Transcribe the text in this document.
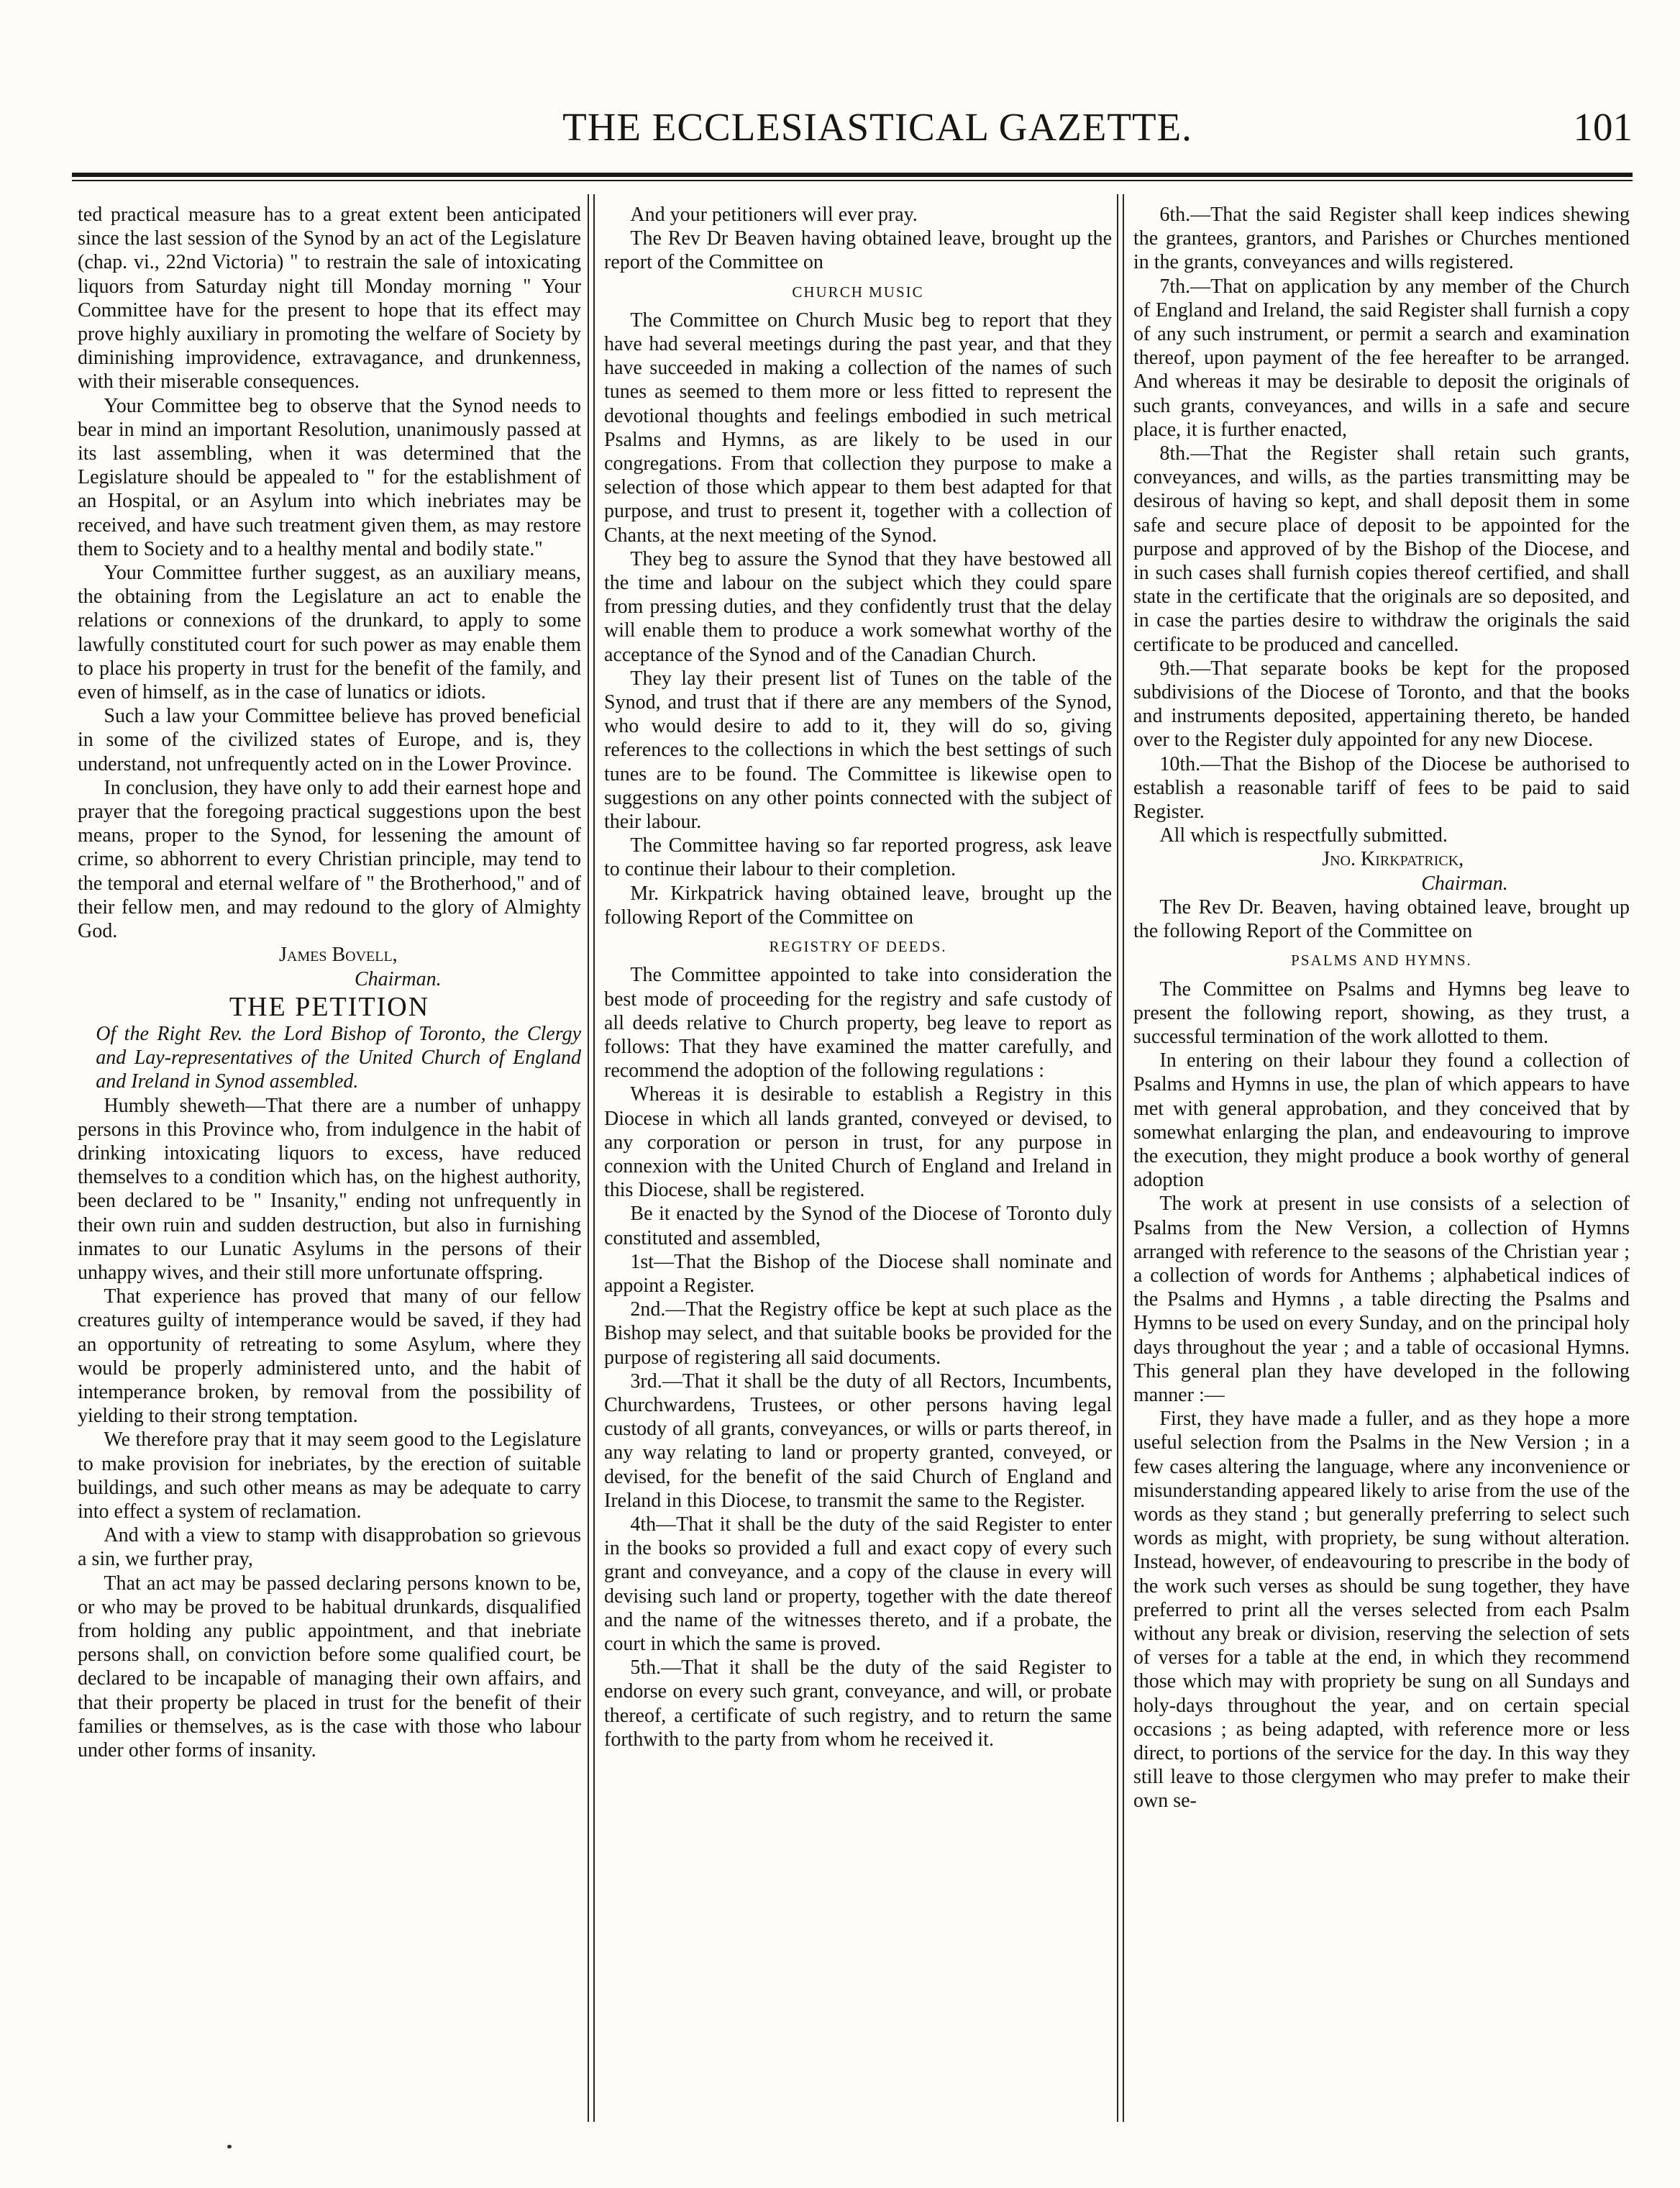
THE ECCLESIASTICAL GAZETTE.	101

ted practical measure has to a great extent been anticipated since the last session of the Synod by an act of the Legislature (chap. vi., 22nd Victoria) " to restrain the sale of intoxicating liquors from Saturday night till Monday morning " Your Committee have for the present to hope that its effect may prove highly auxiliary in promoting the welfare of Society by diminishing improvidence, extravagance, and drunkenness, with their miserable consequences.

Your Committee beg to observe that the Synod needs to bear in mind an important Resolution, unanimously passed at its last assembling, when it was determined that the Legislature should be appealed to " for the establishment of an Hospital, or an Asylum into which inebriates may be received, and have such treatment given them, as may restore them to Society and to a healthy mental and bodily state."

Your Committee further suggest, as an auxiliary means, the obtaining from the Legislature an act to enable the relations or connexions of the drunkard, to apply to some lawfully constituted court for such power as may enable them to place his property in trust for the benefit of the family, and even of himself, as in the case of lunatics or idiots.

Such a law your Committee believe has proved beneficial in some of the civilized states of Europe, and is, they understand, not unfrequently acted on in the Lower Province.

In conclusion, they have only to add their earnest hope and prayer that the foregoing practical suggestions upon the best means, proper to the Synod, for lessening the amount of crime, so abhorrent to every Christian principle, may tend to the temporal and eternal welfare of " the Brotherhood," and of their fellow men, and may redound to the glory of Almighty God.

James Bovell,

Chairman.

THE PETITION

Of the Right Rev. the Lord Bishop of Toronto, the Clergy and Lay-representatives of the United Church of England and Ireland in Synod assembled.

Humbly sheweth—That there are a number of unhappy persons in this Province who, from indulgence in the habit of drinking intoxicating liquors to excess, have reduced themselves to a condition which has, on the highest authority, been declared to be " Insanity," ending not unfrequently in their own ruin and sudden destruction, but also in furnishing inmates to our Lunatic Asylums in the persons of their unhappy wives, and their still more unfortunate offspring.

That experience has proved that many of our fellow creatures guilty of intemperance would be saved, if they had an opportunity of retreating to some Asylum, where they would be properly administered unto, and the habit of intemperance broken, by removal from the possibility of yielding to their strong temptation.

We therefore pray that it may seem good to the Legislature to make provision for inebriates, by the erection of suitable buildings, and such other means as may be adequate to carry into effect a system of reclamation.

And with a view to stamp with disapprobation so grievous a sin, we further pray,

That an act may be passed declaring persons known to be, or who may be proved to be habitual drunkards, disqualified from holding any public appointment, and that inebriate persons shall, on conviction before some qualified court, be declared to be incapable of managing their own affairs, and that their property be placed in trust for the benefit of their families or themselves, as is the case with those who labour under other forms of insanity.

And your petitioners will ever pray.

The Rev Dr Beaven having obtained leave, brought up the report of the Committee on

CHURCH MUSIC

The Committee on Church Music beg to report that they have had several meetings during the past year, and that they have succeeded in making a collection of the names of such tunes as seemed to them more or less fitted to represent the devotional thoughts and feelings embodied in such metrical Psalms and Hymns, as are likely to be used in our congregations. From that collection they purpose to make a selection of those which appear to them best adapted for that purpose, and trust to present it, together with a collection of Chants, at the next meeting of the Synod.

They beg to assure the Synod that they have bestowed all the time and labour on the subject which they could spare from pressing duties, and they confidently trust that the delay will enable them to produce a work somewhat worthy of the acceptance of the Synod and of the Canadian Church.

They lay their present list of Tunes on the table of the Synod, and trust that if there are any members of the Synod, who would desire to add to it, they will do so, giving references to the collections in which the best settings of such tunes are to be found. The Committee is likewise open to suggestions on any other points connected with the subject of their labour.

The Committee having so far reported progress, ask leave to continue their labour to their completion.

Mr. Kirkpatrick having obtained leave, brought up the following Report of the Committee on

REGISTRY OF DEEDS.

The Committee appointed to take into consideration the best mode of proceeding for the registry and safe custody of all deeds relative to Church property, beg leave to report as follows: That they have examined the matter carefully, and recommend the adoption of the following regulations :

Whereas it is desirable to establish a Registry in this Diocese in which all lands granted, conveyed or devised, to any corporation or person in trust, for any purpose in connexion with the United Church of England and Ireland in this Diocese, shall be registered.

Be it enacted by the Synod of the Diocese of Toronto duly constituted and assembled,

1st—That the Bishop of the Diocese shall nominate and appoint a Register.

2nd.—That the Registry office be kept at such place as the Bishop may select, and that suitable books be provided for the purpose of registering all said documents.

3rd.—That it shall be the duty of all Rectors, Incumbents, Churchwardens, Trustees, or other persons having legal custody of all grants, conveyances, or wills or parts thereof, in any way relating to land or property granted, conveyed, or devised, for the benefit of the said Church of England and Ireland in this Diocese, to transmit the same to the Register.

4th—That it shall be the duty of the said Register to enter in the books so provided a full and exact copy of every such grant and conveyance, and a copy of the clause in every will devising such land or property, together with the date thereof and the name of the witnesses thereto, and if a probate, the court in which the same is proved.

5th.—That it shall be the duty of the said Register to endorse on every such grant, conveyance, and will, or probate thereof, a certificate of such registry, and to return the same forthwith to the party from whom he received it.

6th.—That the said Register shall keep indices shewing the grantees, grantors, and Parishes or Churches mentioned in the grants, conveyances and wills registered.

7th.—That on application by any member of the Church of England and Ireland, the said Register shall furnish a copy of any such instrument, or permit a search and examination thereof, upon payment of the fee hereafter to be arranged. And whereas it may be desirable to deposit the originals of such grants, conveyances, and wills in a safe and secure place, it is further enacted,

8th.—That the Register shall retain such grants, conveyances, and wills, as the parties transmitting may be desirous of having so kept, and shall deposit them in some safe and secure place of deposit to be appointed for the purpose and approved of by the Bishop of the Diocese, and in such cases shall furnish copies thereof certified, and shall state in the certificate that the originals are so deposited, and in case the parties desire to withdraw the originals the said certificate to be produced and cancelled.

9th.—That separate books be kept for the proposed subdivisions of the Diocese of Toronto, and that the books and instruments deposited, appertaining thereto, be handed over to the Register duly appointed for any new Diocese.

10th.—That the Bishop of the Diocese be authorised to establish a reasonable tariff of fees to be paid to said Register.

All which is respectfully submitted.

Jno. Kirkpatrick,

Chairman.

The Rev Dr. Beaven, having obtained leave, brought up the following Report of the Committee on

PSALMS AND HYMNS.

The Committee on Psalms and Hymns beg leave to present the following report, showing, as they trust, a successful termination of the work allotted to them.

In entering on their labour they found a collection of Psalms and Hymns in use, the plan of which appears to have met with general approbation, and they conceived that by somewhat enlarging the plan, and endeavouring to improve the execution, they might produce a book worthy of general adoption

The work at present in use consists of a selection of Psalms from the New Version, a collection of Hymns arranged with reference to the seasons of the Christian year ; a collection of words for Anthems ; alphabetical indices of the Psalms and Hymns , a table directing the Psalms and Hymns to be used on every Sunday, and on the principal holy days throughout the year ; and a table of occasional Hymns. This general plan they have developed in the following manner :—

First, they have made a fuller, and as they hope a more useful selection from the Psalms in the New Version ; in a few cases altering the language, where any inconvenience or misunderstanding appeared likely to arise from the use of the words as they stand ; but generally preferring to select such words as might, with propriety, be sung without alteration. Instead, however, of endeavouring to prescribe in the body of the work such verses as should be sung together, they have preferred to print all the verses selected from each Psalm without any break or division, reserving the selection of sets of verses for a table at the end, in which they recommend those which may with propriety be sung on all Sundays and holy-days throughout the year, and on certain special occasions ; as being adapted, with reference more or less direct, to portions of the service for the day. In this way they still leave to those clergymen who may prefer to make their own se-
